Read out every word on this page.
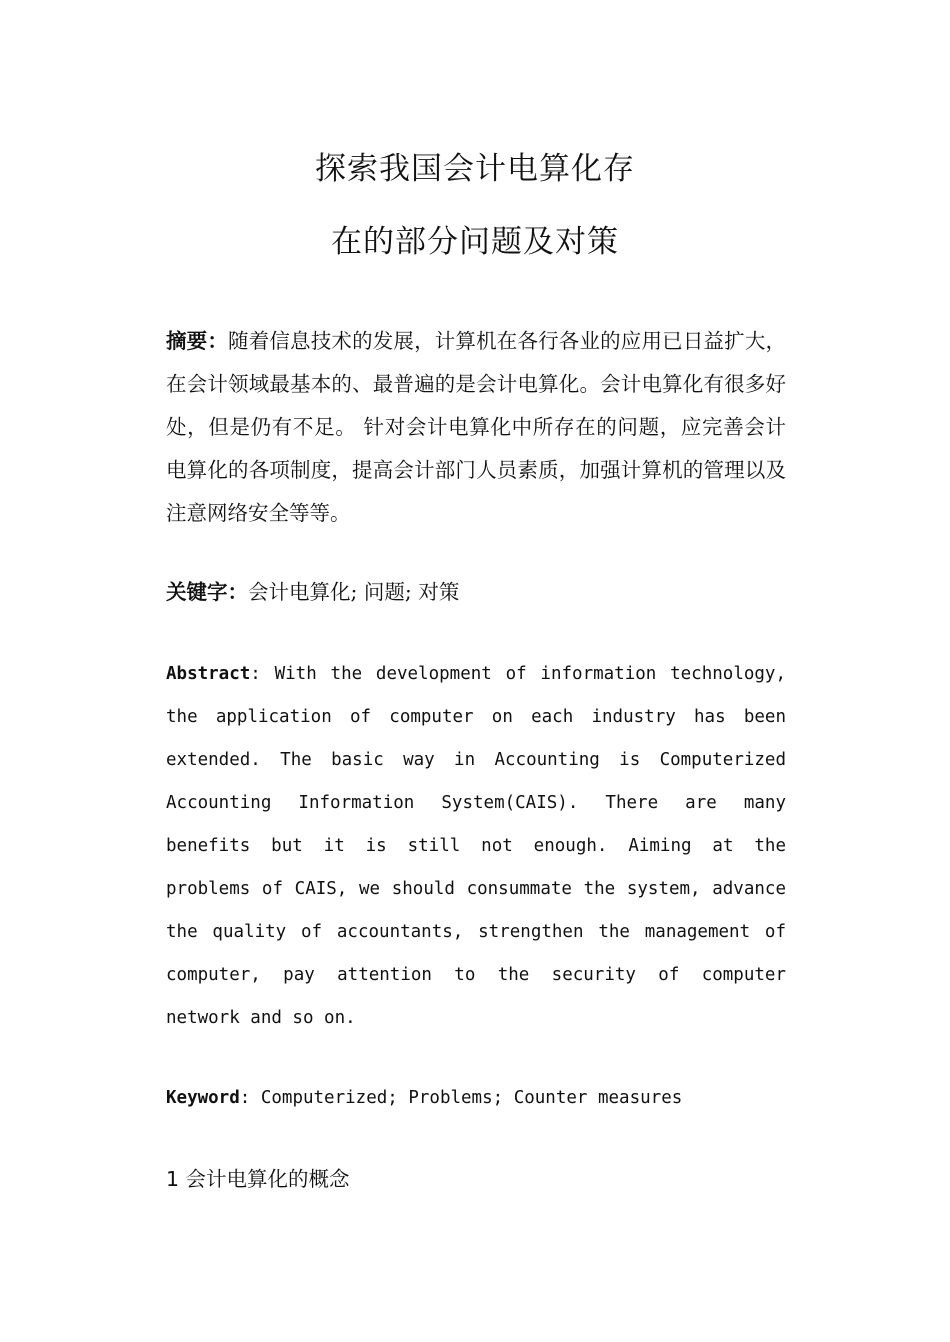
探索我国会计电算化存
在的部分问题及对策

摘要：随着信息技术的发展，计算机在各行各业的应用已日益扩大，在会计领域最基本的、最普遍的是会计电算化。会计电算化有很多好处，但是仍有不足。 针对会计电算化中所存在的问题，应完善会计电算化的各项制度，提高会计部门人员素质，加强计算机的管理以及注意网络安全等等。

关键字：会计电算化; 问题; 对策

Abstract: With the development of information technology, the application of computer on each industry has been extended. The basic way in Accounting is Computerized Accounting Information System(CAIS). There are many benefits but it is still not enough. Aiming at the problems of CAIS, we should consummate the system, advance the quality of accountants, strengthen the management of computer, pay attention to the security of computer network and so on.

Keyword: Computerized; Problems; Counter measures

1 会计电算化的概念
